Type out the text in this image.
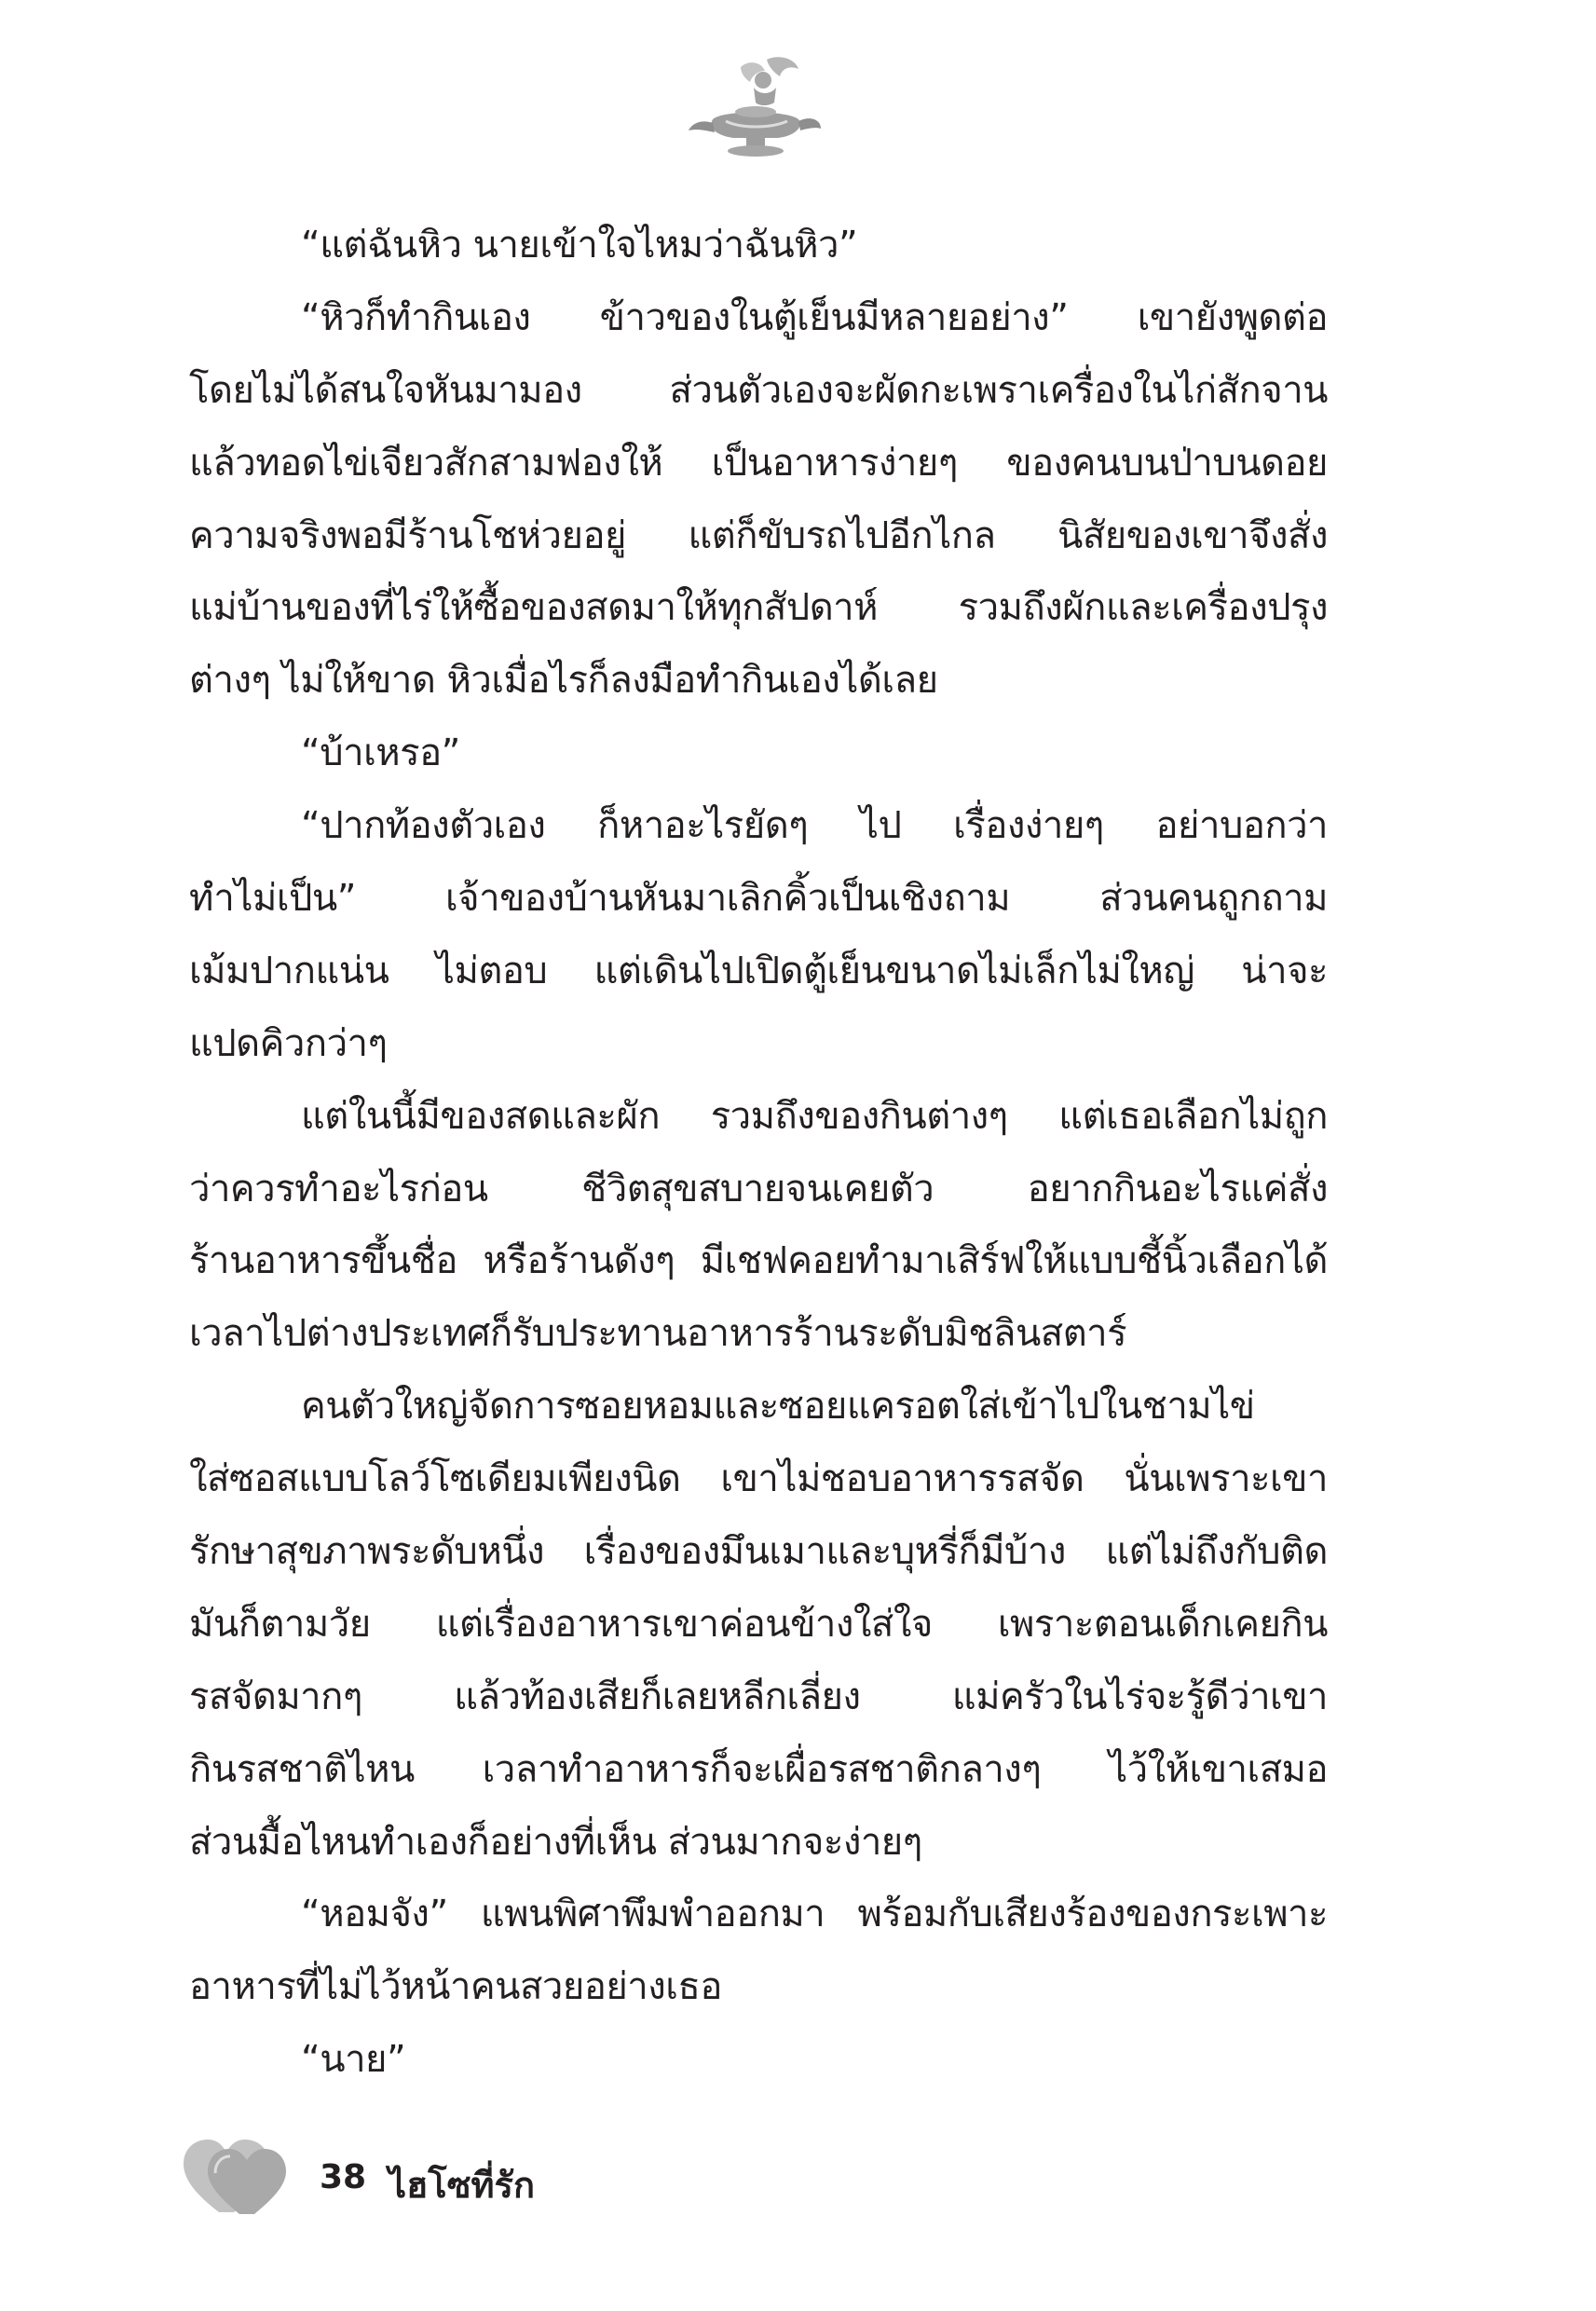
“แต่ฉันหิว นายเข้าใจไหมว่าฉันหิว”
“หิวก็ทำกินเอง ข้าวของในตู้เย็นมีหลายอย่าง” เขายังพูดต่อ
โดยไม่ได้สนใจหันมามอง ส่วนตัวเองจะผัดกะเพราเครื่องในไก่สักจาน
แล้วทอดไข่เจียวสักสามฟองให้ เป็นอาหารง่ายๆ ของคนบนป่าบนดอย
ความจริงพอมีร้านโชห่วยอยู่ แต่ก็ขับรถไปอีกไกล นิสัยของเขาจึงสั่ง
แม่บ้านของที่ไร่ให้ซื้อของสดมาให้ทุกสัปดาห์ รวมถึงผักและเครื่องปรุง
ต่างๆ ไม่ให้ขาด หิวเมื่อไรก็ลงมือทำกินเองได้เลย
“บ้าเหรอ”
“ปากท้องตัวเอง ก็หาอะไรยัดๆ ไป เรื่องง่ายๆ อย่าบอกว่า
ทำไม่เป็น” เจ้าของบ้านหันมาเลิกคิ้วเป็นเชิงถาม ส่วนคนถูกถาม
เม้มปากแน่น ไม่ตอบ แต่เดินไปเปิดตู้เย็นขนาดไม่เล็กไม่ใหญ่ น่าจะ
แปดคิวกว่าๆ
แต่ในนี้มีของสดและผัก รวมถึงของกินต่างๆ แต่เธอเลือกไม่ถูก
ว่าควรทำอะไรก่อน ชีวิตสุขสบายจนเคยตัว อยากกินอะไรแค่สั่ง
ร้านอาหารขึ้นชื่อ หรือร้านดังๆ มีเชฟคอยทำมาเสิร์ฟให้แบบชี้นิ้วเลือกได้
เวลาไปต่างประเทศก็รับประทานอาหารร้านระดับมิชลินสตาร์
คนตัวใหญ่จัดการซอยหอมและซอยแครอตใส่เข้าไปในชามไข่
ใส่ซอสแบบโลว์โซเดียมเพียงนิด เขาไม่ชอบอาหารรสจัด นั่นเพราะเขา
รักษาสุขภาพระดับหนึ่ง เรื่องของมึนเมาและบุหรี่ก็มีบ้าง แต่ไม่ถึงกับติด
มันก็ตามวัย แต่เรื่องอาหารเขาค่อนข้างใส่ใจ เพราะตอนเด็กเคยกิน
รสจัดมากๆ แล้วท้องเสียก็เลยหลีกเลี่ยง แม่ครัวในไร่จะรู้ดีว่าเขา
กินรสชาติไหน เวลาทำอาหารก็จะเผื่อรสชาติกลางๆ ไว้ให้เขาเสมอ
ส่วนมื้อไหนทำเองก็อย่างที่เห็น ส่วนมากจะง่ายๆ
“หอมจัง” แพนพิศาพึมพำออกมา พร้อมกับเสียงร้องของกระเพาะ
อาหารที่ไม่ไว้หน้าคนสวยอย่างเธอ
“นาย”
38 ไฮโซที่รัก
